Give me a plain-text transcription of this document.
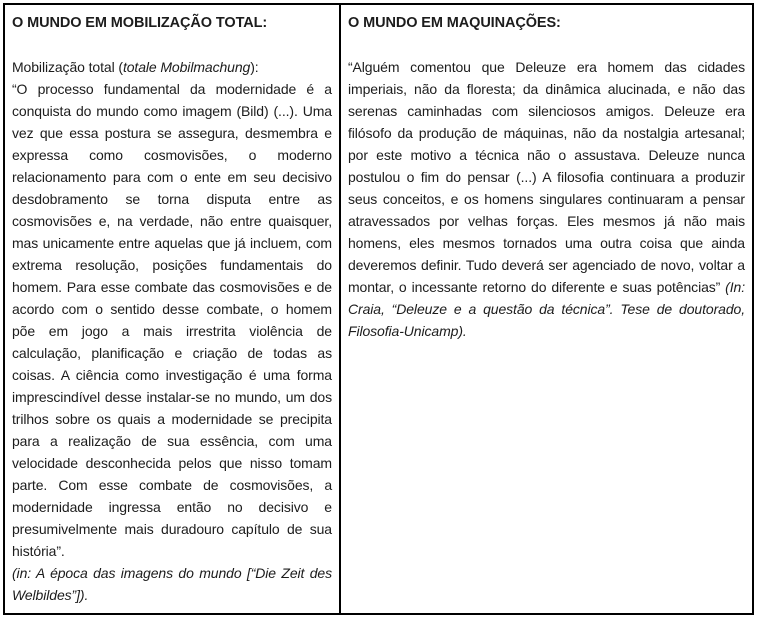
O MUNDO EM MOBILIZAÇÃO TOTAL:

Mobilização total (totale Mobilmachung):

“O processo fundamental da modernidade é a conquista do mundo como imagem (Bild) (...). Uma vez que essa postura se assegura, desmembra e expressa como cosmovisões, o moderno relacionamento para com o ente em seu decisivo desdobramento se torna disputa entre as cosmovisões e, na verdade, não entre quaisquer, mas unicamente entre aquelas que já incluem, com extrema resolução, posições fundamentais do homem. Para esse combate das cosmovisões e de acordo com o sentido desse combate, o homem põe em jogo a mais irrestrita violência de calculação, planificação e criação de todas as coisas. A ciência como investigação é uma forma imprescindível desse instalar-se no mundo, um dos trilhos sobre os quais a modernidade se precipita para a realização de sua essência, com uma velocidade desconhecida pelos que nisso tomam parte. Com esse combate de cosmovisões, a modernidade ingressa então no decisivo e presumivelmente mais duradouro capítulo de sua história”.

(in: A época das imagens do mundo [“Die Zeit des Welbildes”]).

O MUNDO EM MAQUINAÇÕES:

“Alguém comentou que Deleuze era homem das cidades imperiais, não da floresta; da dinâmica alucinada, e não das serenas caminhadas com silenciosos amigos. Deleuze era filósofo da produção de máquinas, não da nostalgia artesanal; por este motivo a técnica não o assustava. Deleuze nunca postulou o fim do pensar (...) A filosofia continuara a produzir seus conceitos, e os homens singulares continuaram a pensar atravessados por velhas forças. Eles mesmos já não mais homens, eles mesmos tornados uma outra coisa que ainda deveremos definir. Tudo deverá ser agenciado de novo, voltar a montar, o incessante retorno do diferente e suas potências” (In: Craia, “Deleuze e a questão da técnica”. Tese de doutorado, Filosofia-Unicamp).
